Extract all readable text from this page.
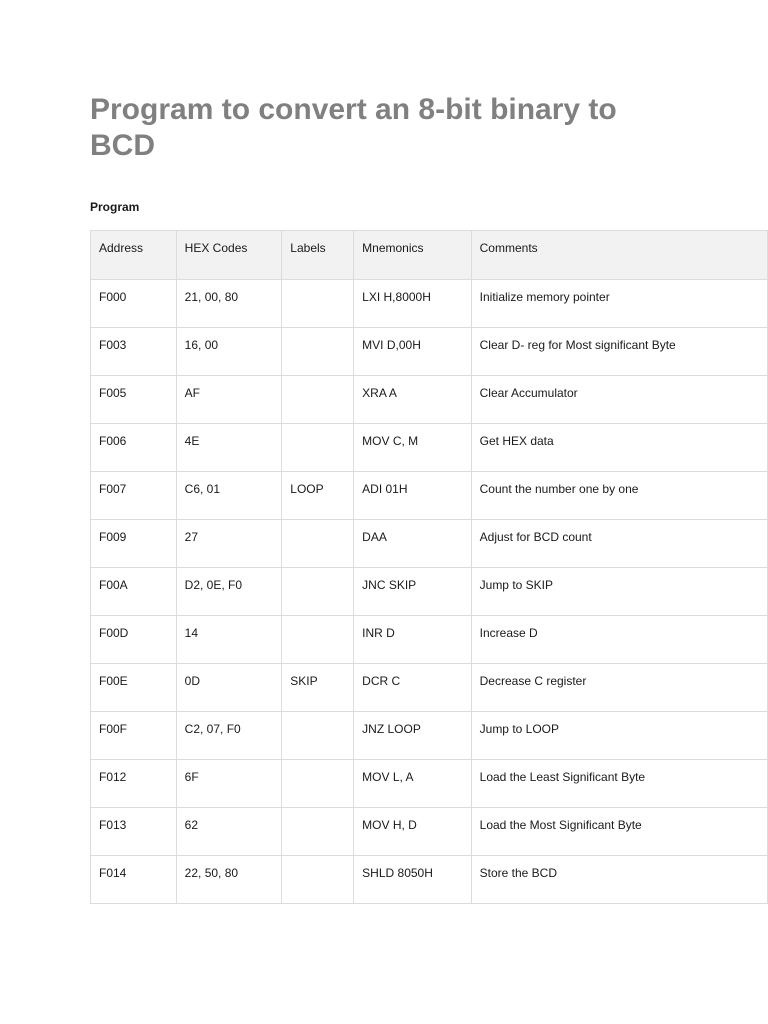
Program to convert an 8-bit binary to BCD
Program
Address	HEX Codes	Labels	Mnemonics	Comments
F000	21, 00, 80		LXI H,8000H	Initialize memory pointer
F003	16, 00		MVI D,00H	Clear D- reg for Most significant Byte
F005	AF		XRA A	Clear Accumulator
F006	4E		MOV C, M	Get HEX data
F007	C6, 01	LOOP	ADI 01H	Count the number one by one
F009	27		DAA	Adjust for BCD count
F00A	D2, 0E, F0		JNC SKIP	Jump to SKIP
F00D	14		INR D	Increase D
F00E	0D	SKIP	DCR C	Decrease C register
F00F	C2, 07, F0		JNZ LOOP	Jump to LOOP
F012	6F		MOV L, A	Load the Least Significant Byte
F013	62		MOV H, D	Load the Most Significant Byte
F014	22, 50, 80		SHLD 8050H	Store the BCD
